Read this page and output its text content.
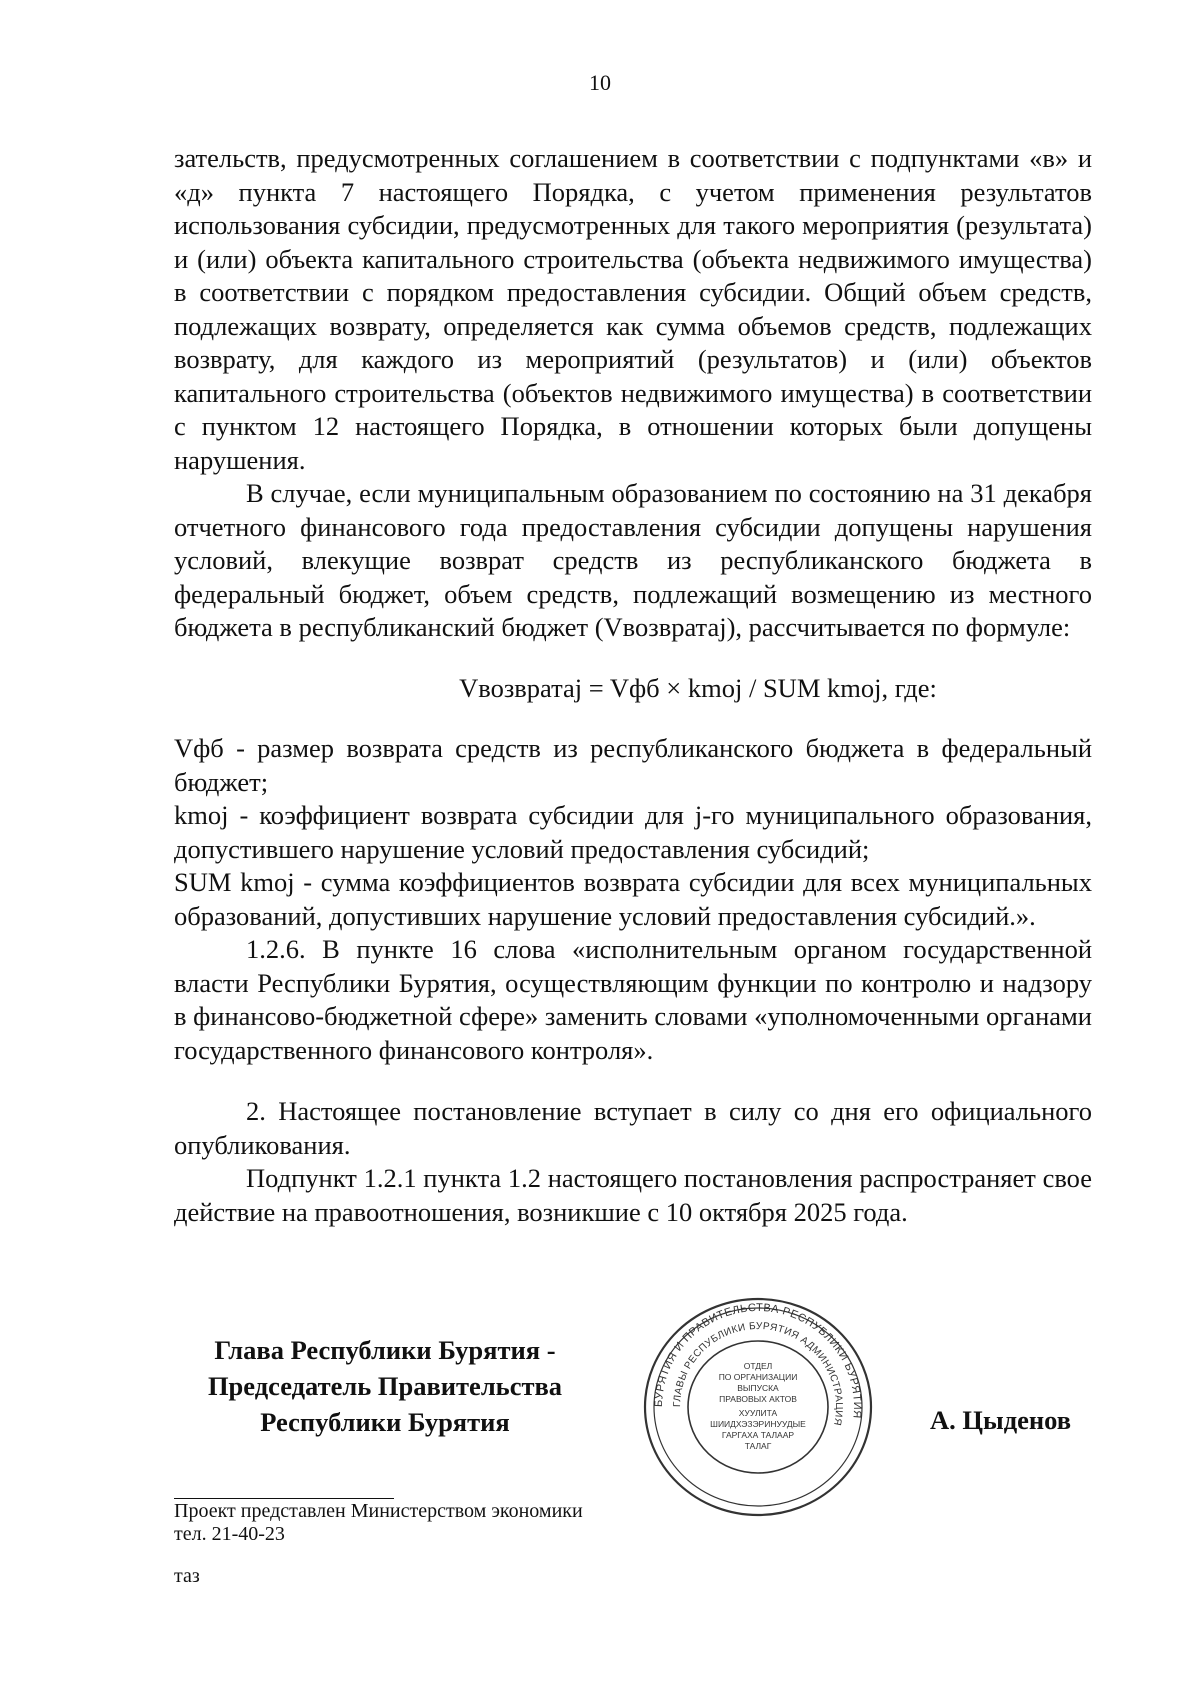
10

зательств, предусмотренных соглашением в соответствии с подпунктами «в» и «д» пункта 7 настоящего Порядка, с учетом применения результатов использования субсидии, предусмотренных для такого мероприятия (результата) и (или) объекта капитального строительства (объекта недвижимого имущества) в соответствии с порядком предоставления субсидии. Общий объем средств, подлежащих возврату, определяется как сумма объемов средств, подлежащих возврату, для каждого из мероприятий (результатов) и (или) объектов капитального строительства (объектов недвижимого имущества) в соответствии с пунктом 12 настоящего Порядка, в отношении которых были допущены нарушения.

В случае, если муниципальным образованием по состоянию на 31 декабря отчетного финансового года предоставления субсидии допущены нарушения условий, влекущие возврат средств из республиканского бюджета в федеральный бюджет, объем средств, подлежащий возмещению из местного бюджета в республиканский бюджет (Vвозвратаj), рассчитывается по формуле:

Vвозвратаj = Vфб × kmoj / SUM kmoj, где:

Vфб - размер возврата средств из республиканского бюджета в федеральный бюджет;

kmoj - коэффициент возврата субсидии для j-го муниципального образования, допустившего нарушение условий предоставления субсидий;

SUM kmoj - сумма коэффициентов возврата субсидии для всех муниципальных образований, допустивших нарушение условий предоставления субсидий.».

1.2.6. В пункте 16 слова «исполнительным органом государственной власти Республики Бурятия, осуществляющим функции по контролю и надзору в финансово-бюджетной сфере» заменить словами «уполномоченными органами государственного финансового контроля».

2. Настоящее постановление вступает в силу со дня его официального опубликования.

Подпункт 1.2.1 пункта 1.2 настоящего постановления распространяет свое действие на правоотношения, возникшие с 10 октября 2025 года.

Глава Республики Бурятия -
Председатель Правительства
Республики Бурятия
БУРЯТИЯ И ПРАВИТЕЛЬСТВА РЕСПУБЛИКИ БУРЯТИЯ
ГЛАВЫ РЕСПУБЛИКИ БУРЯТИЯ АДМИНИСТРАЦИЯ
ОТДЕЛ
ПО ОРГАНИЗАЦИИ
ВЫПУСКА
ПРАВОВЫХ АКТОВ
ХУУЛИТА
ШИИДХЭЗЭРИНУУДЫЕ
ГАРГАХА ТАЛААР
ТАЛАГ
А. Цыденов
Проект представлен Министерством экономики
тел. 21-40-23
таз
